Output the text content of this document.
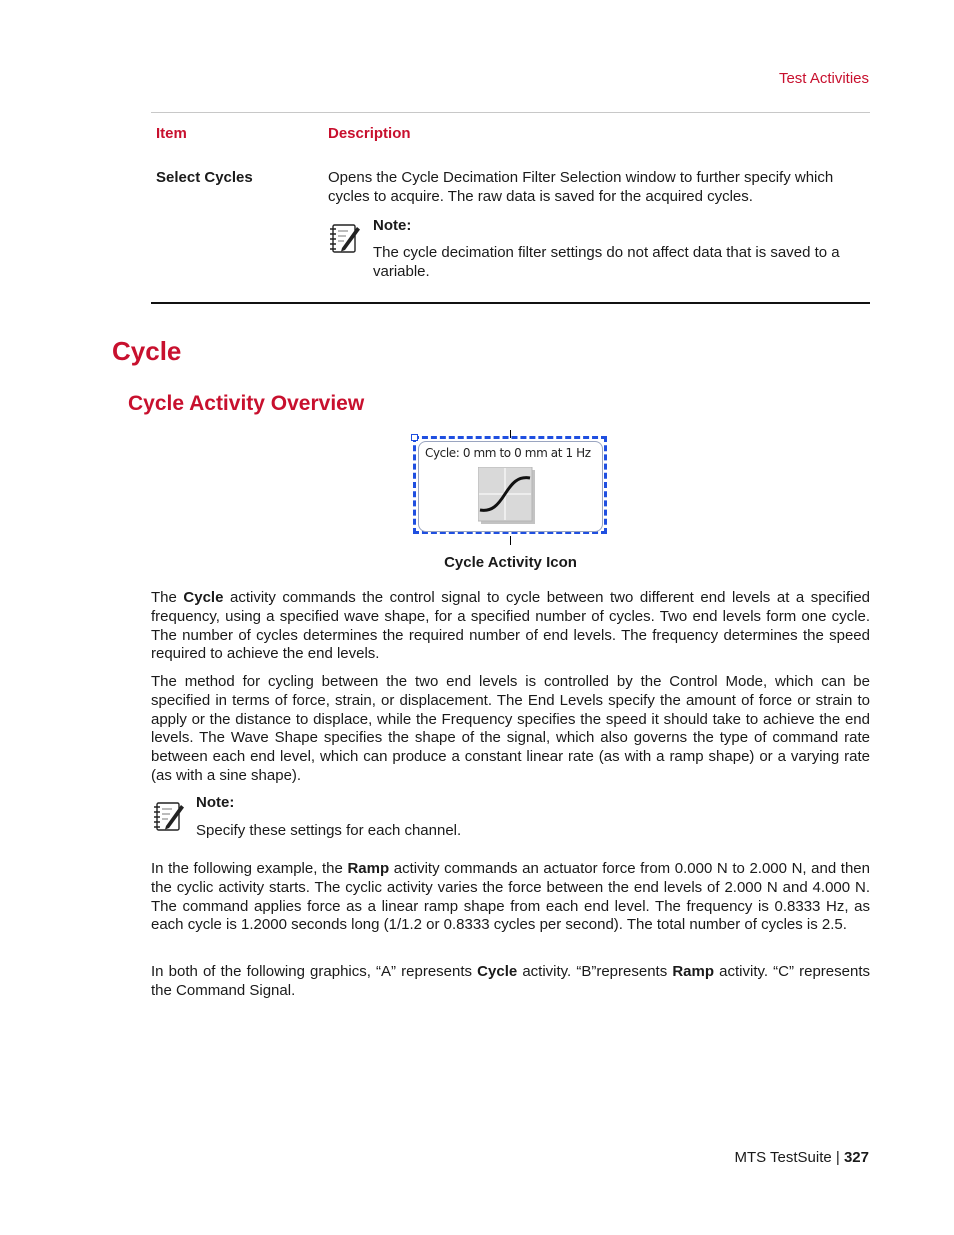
Test Activities
Item	Description
Select Cycles	Opens the Cycle Decimation Filter Selection window to further specify which cycles to acquire. The raw data is saved for the acquired cycles.
Note:
The cycle decimation filter settings do not affect data that is saved to a variable.
Cycle
Cycle Activity Overview
Cycle: 0 mm to 0 mm at 1 Hz
Cycle Activity Icon

The Cycle activity commands the control signal to cycle between two different end levels at a specified frequency, using a specified wave shape, for a specified number of cycles. Two end levels form one cycle. The number of cycles determines the required number of end levels. The frequency determines the speed required to achieve the end levels.

The method for cycling between the two end levels is controlled by the Control Mode, which can be specified in terms of force, strain, or displacement. The End Levels specify the amount of force or strain to apply or the distance to displace, while the Frequency specifies the speed it should take to achieve the end levels. The Wave Shape specifies the shape of the signal, which also governs the type of command rate between each end level, which can produce a constant linear rate (as with a ramp shape) or a varying rate (as with a sine shape).

Note:
Specify these settings for each channel.

In the following example, the Ramp activity commands an actuator force from 0.000 N to 2.000 N, and then the cyclic activity starts. The cyclic activity varies the force between the end levels of 2.000 N and 4.000 N. The command applies force as a linear ramp shape from each end level. The frequency is 0.8333 Hz, as each cycle is 1.2000 seconds long (1/1.2 or 0.8333 cycles per second). The total number of cycles is 2.5.

In both of the following graphics, “A” represents Cycle activity. “B”represents Ramp activity. “C” represents the Command Signal.

MTS TestSuite | 327
